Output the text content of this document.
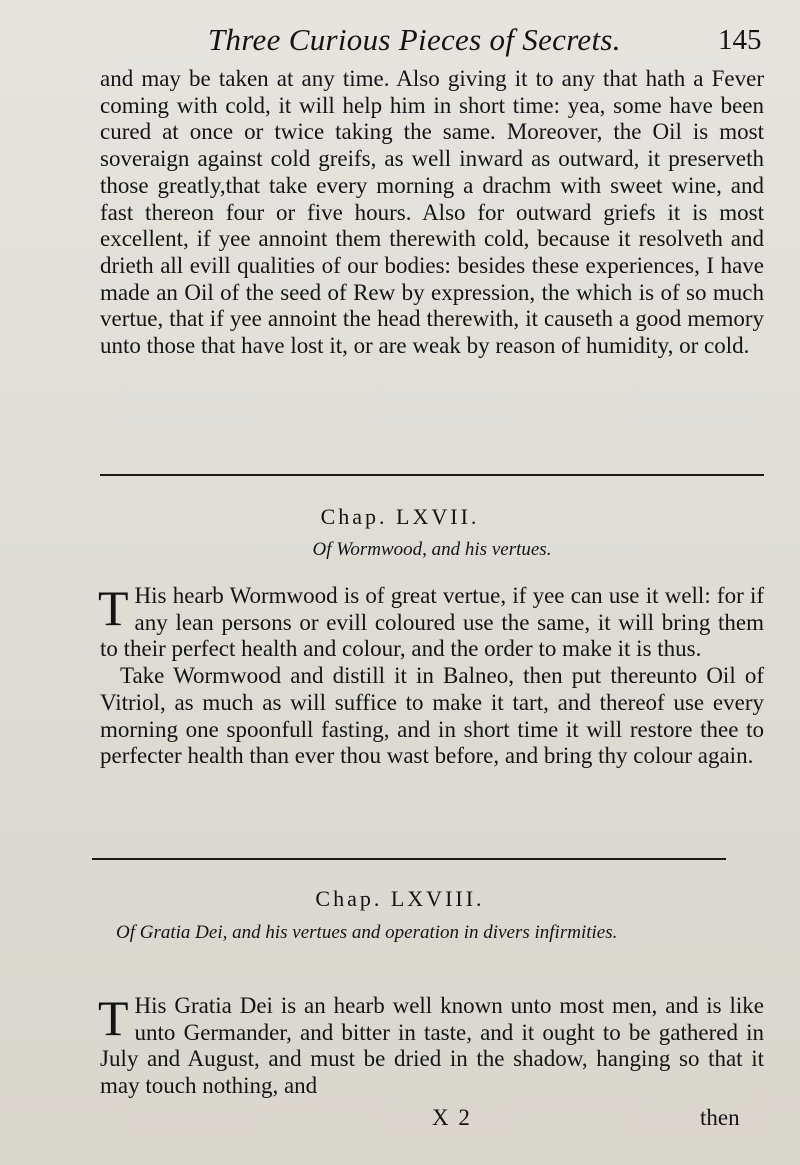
Three Curious Pieces of Secrets.	145
and may be taken at any time. Also giving it to any that hath a Fever coming with cold, it will help him in short time: yea, some have been cured at once or twice taking the same. Moreover, the Oil is most soveraign against cold greifs, as well inward as outward, it preserveth those greatly,that take every morning a drachm with sweet wine, and fast thereon four or five hours. Also for outward griefs it is most excellent, if yee annoint them therewith cold, because it resolveth and drieth all evill qualities of our bodies: besides these experiences, I have made an Oil of the seed of Rew by expression, the which is of so much vertue, that if yee annoint the head therewith, it causeth a good memory unto those that have lost it, or are weak by reason of humidity, or cold.
Chap. LXVII.
Of Wormwood, and his vertues.
T His hearb Wormwood is of great vertue, if yee can use it well: for if any lean persons or evill coloured use the same, it will bring them to their perfect health and colour, and the order to make it is thus.
Take Wormwood and distill it in Balneo, then put thereunto Oil of Vitriol, as much as will suffice to make it tart, and thereof use every morning one spoonfull fasting, and in short time it will restore thee to perfecter health than ever thou wast before, and bring thy colour again.
Chap. LXVIII.
Of Gratia Dei, and his vertues and operation in divers infirmities.
T His Gratia Dei is an hearb well known unto most men, and is like unto Germander, and bitter in taste, and it ought to be gathered in July and August, and must be dried in the shadow, hanging so that it may touch nothing, and
X 2	then
